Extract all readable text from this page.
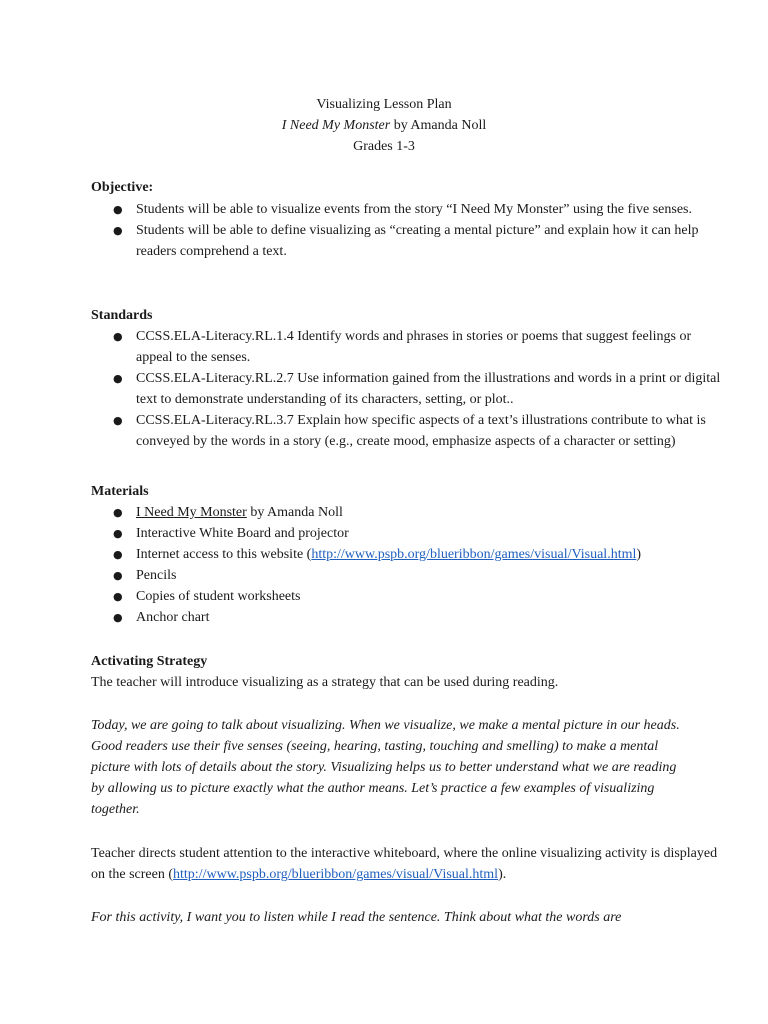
Visualizing Lesson Plan
I Need My Monster by Amanda Noll
Grades 1-3

Objective:

● Students will be able to visualize events from the story “I Need My Monster” using the five senses.
● Students will be able to define visualizing as “creating a mental picture” and explain how it can help readers comprehend a text.

Standards

● CCSS.ELA-Literacy.RL.1.4 Identify words and phrases in stories or poems that suggest feelings or appeal to the senses.
● CCSS.ELA-Literacy.RL.2.7 Use information gained from the illustrations and words in a print or digital text to demonstrate understanding of its characters, setting, or plot..
● CCSS.ELA-Literacy.RL.3.7 Explain how specific aspects of a text’s illustrations contribute to what is conveyed by the words in a story (e.g., create mood, emphasize aspects of a character or setting)

Materials

● I Need My Monster by Amanda Noll
● Interactive White Board and projector
● Internet access to this website (http://www.pspb.org/blueribbon/games/visual/Visual.html)
● Pencils
● Copies of student worksheets
● Anchor chart

Activating Strategy

The teacher will introduce visualizing as a strategy that can be used during reading.

Today, we are going to talk about visualizing. When we visualize, we make a mental picture in our heads. Good readers use their five senses (seeing, hearing, tasting, touching and smelling) to make a mental picture with lots of details about the story. Visualizing helps us to better understand what we are reading by allowing us to picture exactly what the author means. Let’s practice a few examples of visualizing together.

Teacher directs student attention to the interactive whiteboard, where the online visualizing activity is displayed on the screen (http://www.pspb.org/blueribbon/games/visual/Visual.html).

For this activity, I want you to listen while I read the sentence. Think about what the words are
